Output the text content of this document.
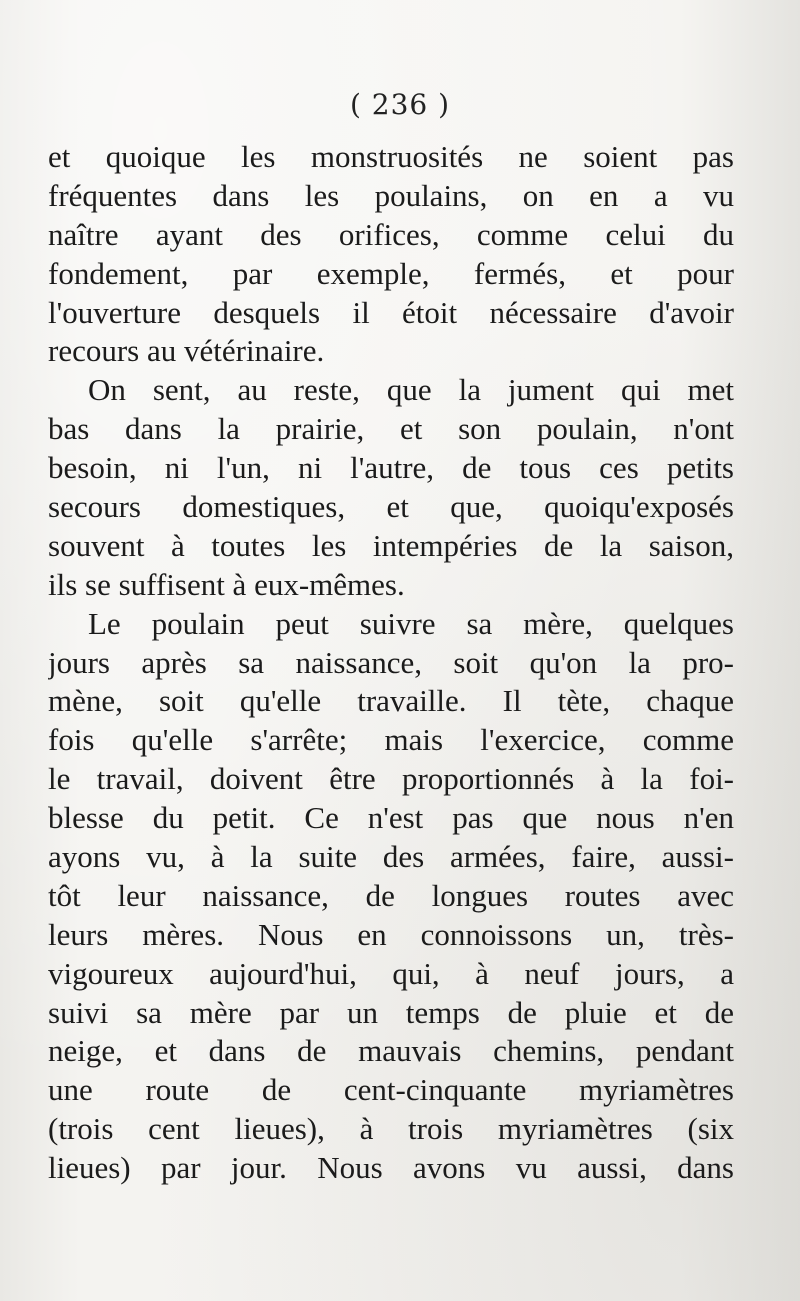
( 236 )
et quoique les monstruosités ne soient pas
fréquentes dans les poulains, on en a vu
naître ayant des orifices, comme celui du
fondement, par exemple, fermés, et pour
l'ouverture desquels il étoit nécessaire d'avoir
recours au vétérinaire.
On sent, au reste, que la jument qui met
bas dans la prairie, et son poulain, n'ont
besoin, ni l'un, ni l'autre, de tous ces petits
secours domestiques, et que, quoiqu'exposés
souvent à toutes les intempéries de la saison,
ils se suffisent à eux-mêmes.
Le poulain peut suivre sa mère, quelques
jours après sa naissance, soit qu'on la pro-
mène, soit qu'elle travaille. Il tète, chaque
fois qu'elle s'arrête; mais l'exercice, comme
le travail, doivent être proportionnés à la foi-
blesse du petit. Ce n'est pas que nous n'en
ayons vu, à la suite des armées, faire, aussi-
tôt leur naissance, de longues routes avec
leurs mères. Nous en connoissons un, très-
vigoureux aujourd'hui, qui, à neuf jours, a
suivi sa mère par un temps de pluie et de
neige, et dans de mauvais chemins, pendant
une route de cent-cinquante myriamètres
(trois cent lieues), à trois myriamètres (six
lieues) par jour. Nous avons vu aussi, dans
